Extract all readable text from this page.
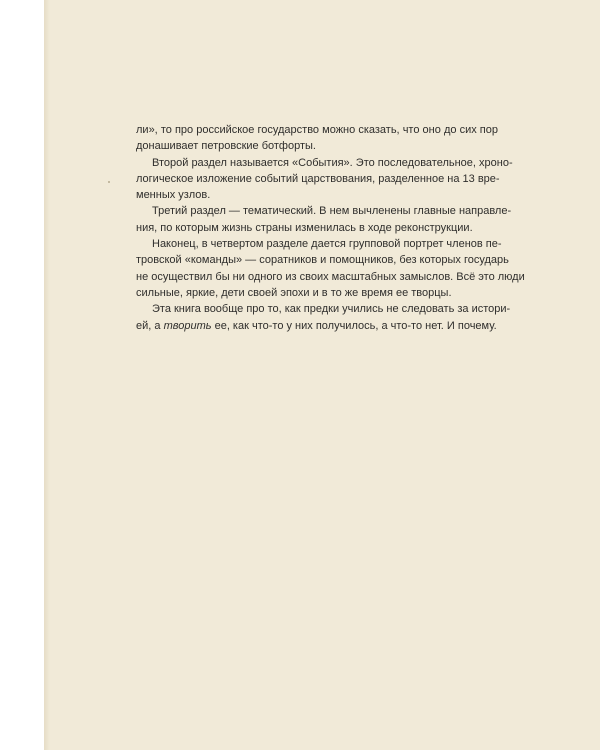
ли», то про российское государство можно сказать, что оно до сих пор
донашивает петровские ботфорты.

Второй раздел называется «События». Это последовательное, хроно-
логическое изложение событий царствования, разделенное на 13 вре-
менных узлов.

Третий раздел — тематический. В нем вычленены главные направле-
ния, по которым жизнь страны изменилась в ходе реконструкции.

Наконец, в четвертом разделе дается групповой портрет членов пе-
тровской «команды» — соратников и помощников, без которых государь
не осуществил бы ни одного из своих масштабных замыслов. Всё это люди
сильные, яркие, дети своей эпохи и в то же время ее творцы.

Эта книга вообще про то, как предки учились не следовать за истори-
ей, а творить ее, как что-то у них получилось, а что-то нет. И почему.
